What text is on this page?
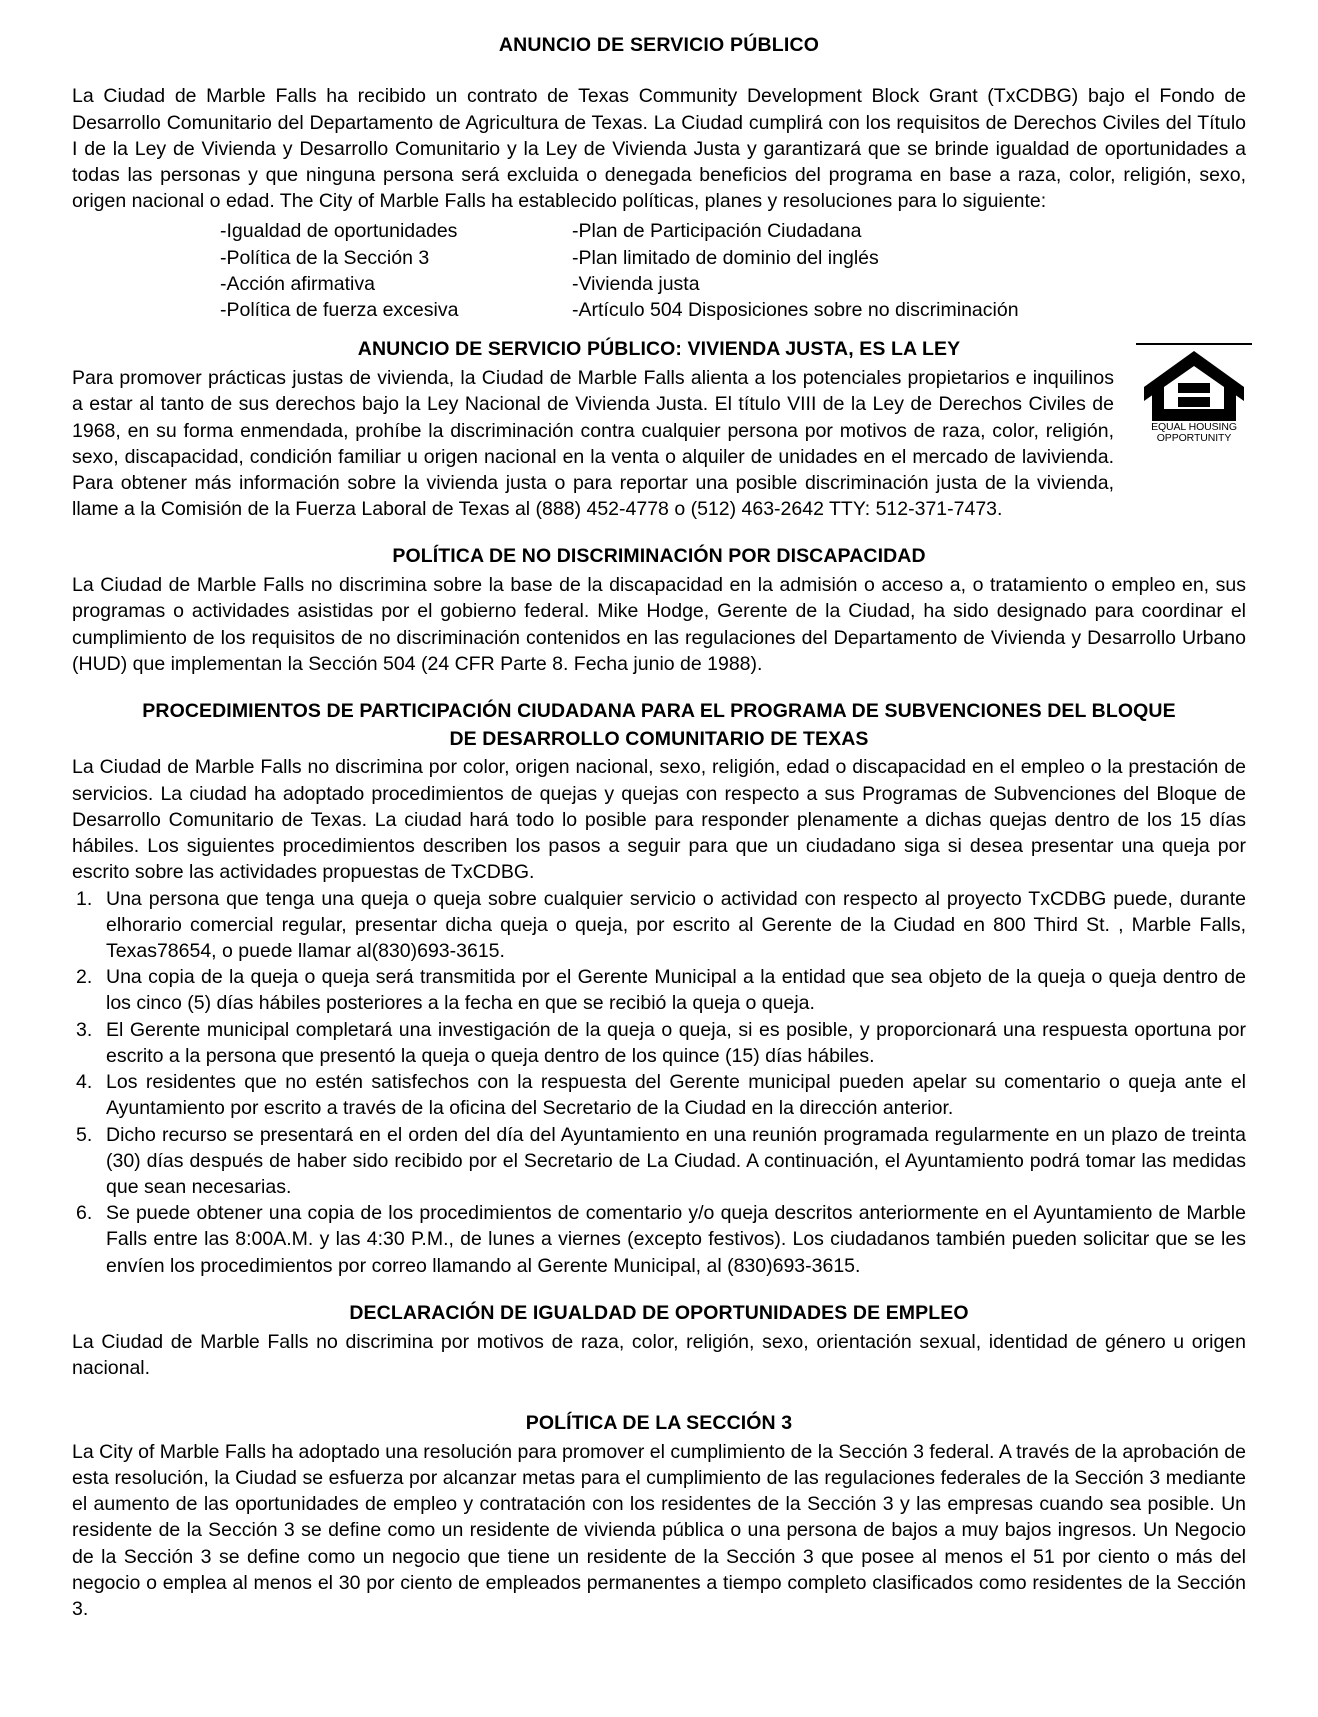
ANUNCIO DE SERVICIO PÚBLICO

La Ciudad de Marble Falls ha recibido un contrato de Texas Community Development Block Grant (TxCDBG) bajo el Fondo de Desarrollo Comunitario del Departamento de Agricultura de Texas. La Ciudad cumplirá con los requisitos de Derechos Civiles del Título I de la Ley de Vivienda y Desarrollo Comunitario y la Ley de Vivienda Justa y garantizará que se brinde igualdad de oportunidades a todas las personas y que ninguna persona será excluida o denegada beneficios del programa en base a raza, color, religión, sexo, origen nacional o edad. The City of Marble Falls ha establecido políticas, planes y resoluciones para lo siguiente:

-Igualdad de oportunidades	-Plan de Participación Ciudadana
-Política de la Sección 3	-Plan limitado de dominio del inglés
-Acción afirmativa	-Vivienda justa
-Política de fuerza excesiva	-Artículo 504 Disposiciones sobre no discriminación
EQUAL HOUSING
OPPORTUNITY
ANUNCIO DE SERVICIO PÚBLICO: VIVIENDA JUSTA, ES LA LEY

Para promover prácticas justas de vivienda, la Ciudad de Marble Falls alienta a los potenciales propietarios e inquilinos a estar al tanto de sus derechos bajo la Ley Nacional de Vivienda Justa. El título VIII de la Ley de Derechos Civiles de 1968, en su forma enmendada, prohíbe la discriminación contra cualquier persona por motivos de raza, color, religión, sexo, discapacidad, condición familiar u origen nacional en la venta o alquiler de unidades en el mercado de lavivienda. Para obtener más información sobre la vivienda justa o para reportar una posible discriminación justa de la vivienda, llame a la Comisión de la Fuerza Laboral de Texas al (888) 452-4778 o (512) 463-2642 TTY: 512-371-7473.

POLÍTICA DE NO DISCRIMINACIÓN POR DISCAPACIDAD

La Ciudad de Marble Falls no discrimina sobre la base de la discapacidad en la admisión o acceso a, o tratamiento o empleo en, sus programas o actividades asistidas por el gobierno federal. Mike Hodge, Gerente de la Ciudad, ha sido designado para coordinar el cumplimiento de los requisitos de no discriminación contenidos en las regulaciones del Departamento de Vivienda y Desarrollo Urbano (HUD) que implementan la Sección 504 (24 CFR Parte 8. Fecha junio de 1988).

PROCEDIMIENTOS DE PARTICIPACIÓN CIUDADANA PARA EL PROGRAMA DE SUBVENCIONES DEL BLOQUE
DE DESARROLLO COMUNITARIO DE TEXAS

La Ciudad de Marble Falls no discrimina por color, origen nacional, sexo, religión, edad o discapacidad en el empleo o la prestación de servicios. La ciudad ha adoptado procedimientos de quejas y quejas con respecto a sus Programas de Subvenciones del Bloque de Desarrollo Comunitario de Texas. La ciudad hará todo lo posible para responder plenamente a dichas quejas dentro de los 15 días hábiles. Los siguientes procedimientos describen los pasos a seguir para que un ciudadano siga si desea presentar una queja por escrito sobre las actividades propuestas de TxCDBG.

Una persona que tenga una queja o queja sobre cualquier servicio o actividad con respecto al proyecto TxCDBG puede, durante elhorario comercial regular, presentar dicha queja o queja, por escrito al Gerente de la Ciudad en 800 Third St. , Marble Falls, Texas78654, o puede llamar al(830)693-3615.
Una copia de la queja o queja será transmitida por el Gerente Municipal a la entidad que sea objeto de la queja o queja dentro de los cinco (5) días hábiles posteriores a la fecha en que se recibió la queja o queja.
El Gerente municipal completará una investigación de la queja o queja, si es posible, y proporcionará una respuesta oportuna por escrito a la persona que presentó la queja o queja dentro de los quince (15) días hábiles.
Los residentes que no estén satisfechos con la respuesta del Gerente municipal pueden apelar su comentario o queja ante el Ayuntamiento por escrito a través de la oficina del Secretario de la Ciudad en la dirección anterior.
Dicho recurso se presentará en el orden del día del Ayuntamiento en una reunión programada regularmente en un plazo de treinta (30) días después de haber sido recibido por el Secretario de La Ciudad. A continuación, el Ayuntamiento podrá tomar las medidas que sean necesarias.
Se puede obtener una copia de los procedimientos de comentario y/o queja descritos anteriormente en el Ayuntamiento de Marble Falls entre las 8:00A.M. y las 4:30 P.M., de lunes a viernes (excepto festivos). Los ciudadanos también pueden solicitar que se les envíen los procedimientos por correo llamando al Gerente Municipal, al (830)693-3615.
DECLARACIÓN DE IGUALDAD DE OPORTUNIDADES DE EMPLEO

La Ciudad de Marble Falls no discrimina por motivos de raza, color, religión, sexo, orientación sexual, identidad de género u origen nacional.

POLÍTICA DE LA SECCIÓN 3

La City of Marble Falls ha adoptado una resolución para promover el cumplimiento de la Sección 3 federal. A través de la aprobación de esta resolución, la Ciudad se esfuerza por alcanzar metas para el cumplimiento de las regulaciones federales de la Sección 3 mediante el aumento de las oportunidades de empleo y contratación con los residentes de la Sección 3 y las empresas cuando sea posible. Un residente de la Sección 3 se define como un residente de vivienda pública o una persona de bajos a muy bajos ingresos. Un Negocio de la Sección 3 se define como un negocio que tiene un residente de la Sección 3 que posee al menos el 51 por ciento o más del negocio o emplea al menos el 30 por ciento de empleados permanentes a tiempo completo clasificados como residentes de la Sección 3.
